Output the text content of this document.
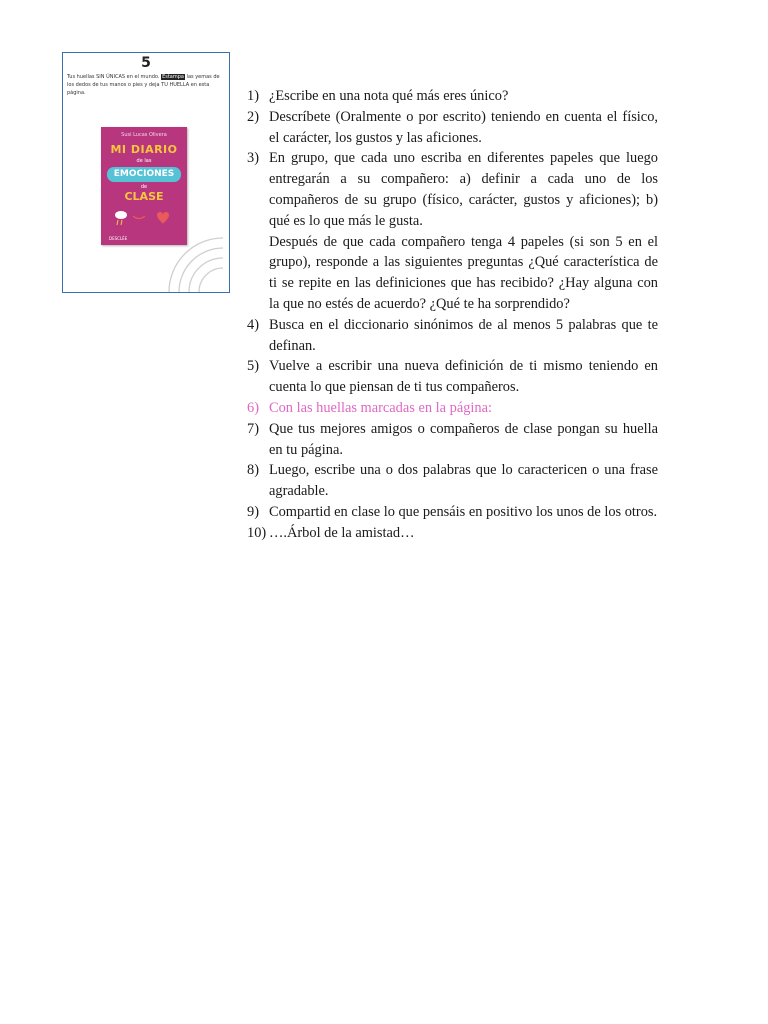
5
Tus huellas SIN ÚNICAS en el mundo. Estampa las yemas de los dedos de tus manos o pies y deja TU HUELLA en esta página.
Susi Lucas Olivera
MI DIARIO
de las
EMOCIONES
de
CLASE
DESCLÉE
1) ¿Escribe en una nota qué más eres único?
2) Descríbete (Oralmente o por escrito) teniendo en cuenta el físico, el carácter, los gustos y las aficiones.
3) En grupo, que cada uno escriba en diferentes papeles que luego entregarán a su compañero: a) definir a cada uno de los compañeros de su grupo (físico, carácter, gustos y aficiones); b) qué es lo que más le gusta.
Después de que cada compañero tenga 4 papeles (si son 5 en el grupo), responde a las siguientes preguntas ¿Qué característica de ti se repite en las definiciones que has recibido? ¿Hay alguna con la que no estés de acuerdo? ¿Qué te ha sorprendido?
4) Busca en el diccionario sinónimos de al menos 5 palabras que te definan.
5) Vuelve a escribir una nueva definición de ti mismo teniendo en cuenta lo que piensan de ti tus compañeros.
6) Con las huellas marcadas en la página:
7) Que tus mejores amigos o compañeros de clase pongan su huella en tu página.
8) Luego, escribe una o dos palabras que lo caractericen o una frase agradable.
9) Compartid en clase lo que pensáis en positivo los unos de los otros.
10) ….Árbol de la amistad…
